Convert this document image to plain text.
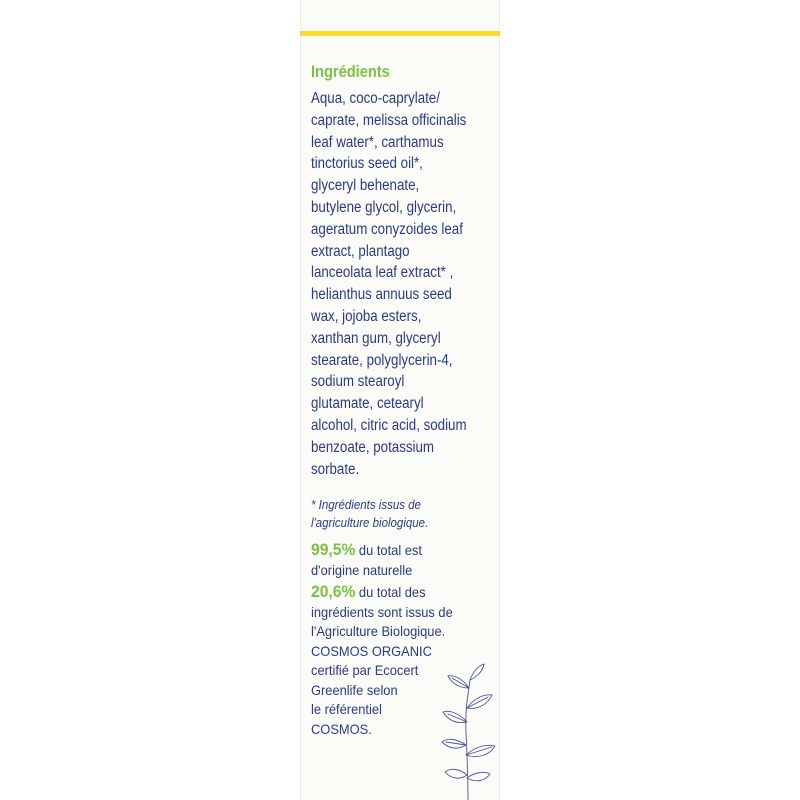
Ingrédients
Aqua, coco-caprylate/
caprate, melissa officinalis
leaf water*, carthamus
tinctorius seed oil*,
glyceryl behenate,
butylene glycol, glycerin,
ageratum conyzoides leaf
extract, plantago
lanceolata leaf extract* ,
helianthus annuus seed
wax, jojoba esters,
xanthan gum, glyceryl
stearate, polyglycerin-4,
sodium stearoyl
glutamate, cetearyl
alcohol, citric acid, sodium
benzoate, potassium
sorbate.
* Ingrédients issus de
l'agriculture biologique.
99,5% du total est
d'origine naturelle
20,6% du total des
ingrédients sont issus de
l'Agriculture Biologique.
COSMOS ORGANIC
certifié par Ecocert
Greenlife selon
le référentiel
COSMOS.
